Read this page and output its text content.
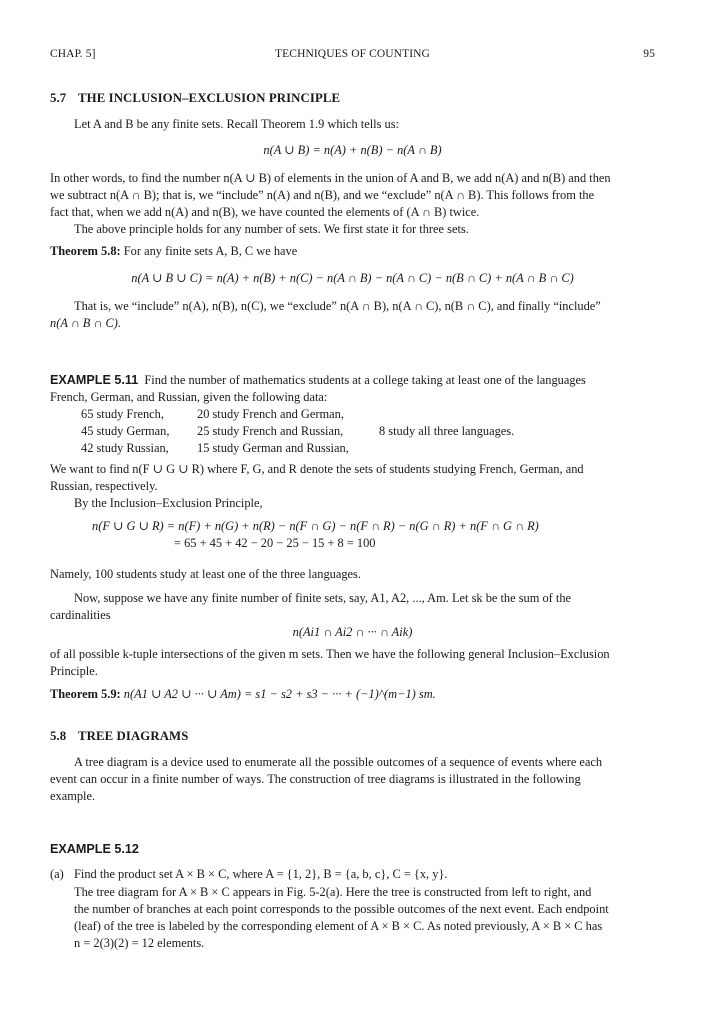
CHAP. 5]	TECHNIQUES OF COUNTING	95
5.7 THE INCLUSION–EXCLUSION PRINCIPLE

Let A and B be any finite sets. Recall Theorem 1.9 which tells us:

n(A ∪ B) = n(A) + n(B) − n(A ∩ B)

In other words, to find the number n(A ∪ B) of elements in the union of A and B, we add n(A) and n(B) and then

we subtract n(A ∩ B); that is, we “include” n(A) and n(B), and we “exclude” n(A ∩ B). This follows from the

fact that, when we add n(A) and n(B), we have counted the elements of (A ∩ B) twice.

The above principle holds for any number of sets. We first state it for three sets.

Theorem 5.8: For any finite sets A, B, C we have
n(A ∪ B ∪ C) = n(A) + n(B) + n(C) − n(A ∩ B) − n(A ∩ C) − n(B ∩ C) + n(A ∩ B ∩ C)

That is, we “include” n(A), n(B), n(C), we “exclude” n(A ∩ B), n(A ∩ C), n(B ∩ C), and finally “include”

n(A ∩ B ∩ C).

EXAMPLE 5.11 Find the number of mathematics students at a college taking at least one of the languages

French, German, and Russian, given the following data:

65 study French,	20 study French and German,
45 study German, 25 study French and Russian,	8 study all three languages.
42 study Russian, 15 study German and Russian,

We want to find n(F ∪ G ∪ R) where F, G, and R denote the sets of students studying French, German, and

Russian, respectively.

By the Inclusion–Exclusion Principle,

n(F ∪ G ∪ R) = n(F) + n(G) + n(R) − n(F ∩ G) − n(F ∩ R) − n(G ∩ R) + n(F ∩ G ∩ R)
= 65 + 45 + 42 − 20 − 25 − 15 + 8 = 100

Namely, 100 students study at least one of the three languages.

Now, suppose we have any finite number of finite sets, say, A1, A2, ..., Am. Let sk be the sum of the

cardinalities

n(Ai1 ∩ Ai2 ∩ ··· ∩ Aik)

of all possible k-tuple intersections of the given m sets. Then we have the following general Inclusion–Exclusion

Principle.

Theorem 5.9: n(A1 ∪ A2 ∪ ··· ∪ Am) = s1 − s2 + s3 − ··· + (−1)^(m−1) sm.
5.8 TREE DIAGRAMS

A tree diagram is a device used to enumerate all the possible outcomes of a sequence of events where each

event can occur in a finite number of ways. The construction of tree diagrams is illustrated in the following

example.

EXAMPLE 5.12
(a) Find the product set A × B × C, where A = {1, 2}, B = {a, b, c}, C = {x, y}.

The tree diagram for A × B × C appears in Fig. 5-2(a). Here the tree is constructed from left to right, and

the number of branches at each point corresponds to the possible outcomes of the next event. Each endpoint

(leaf) of the tree is labeled by the corresponding element of A × B × C. As noted previously, A × B × C has

n = 2(3)(2) = 12 elements.
